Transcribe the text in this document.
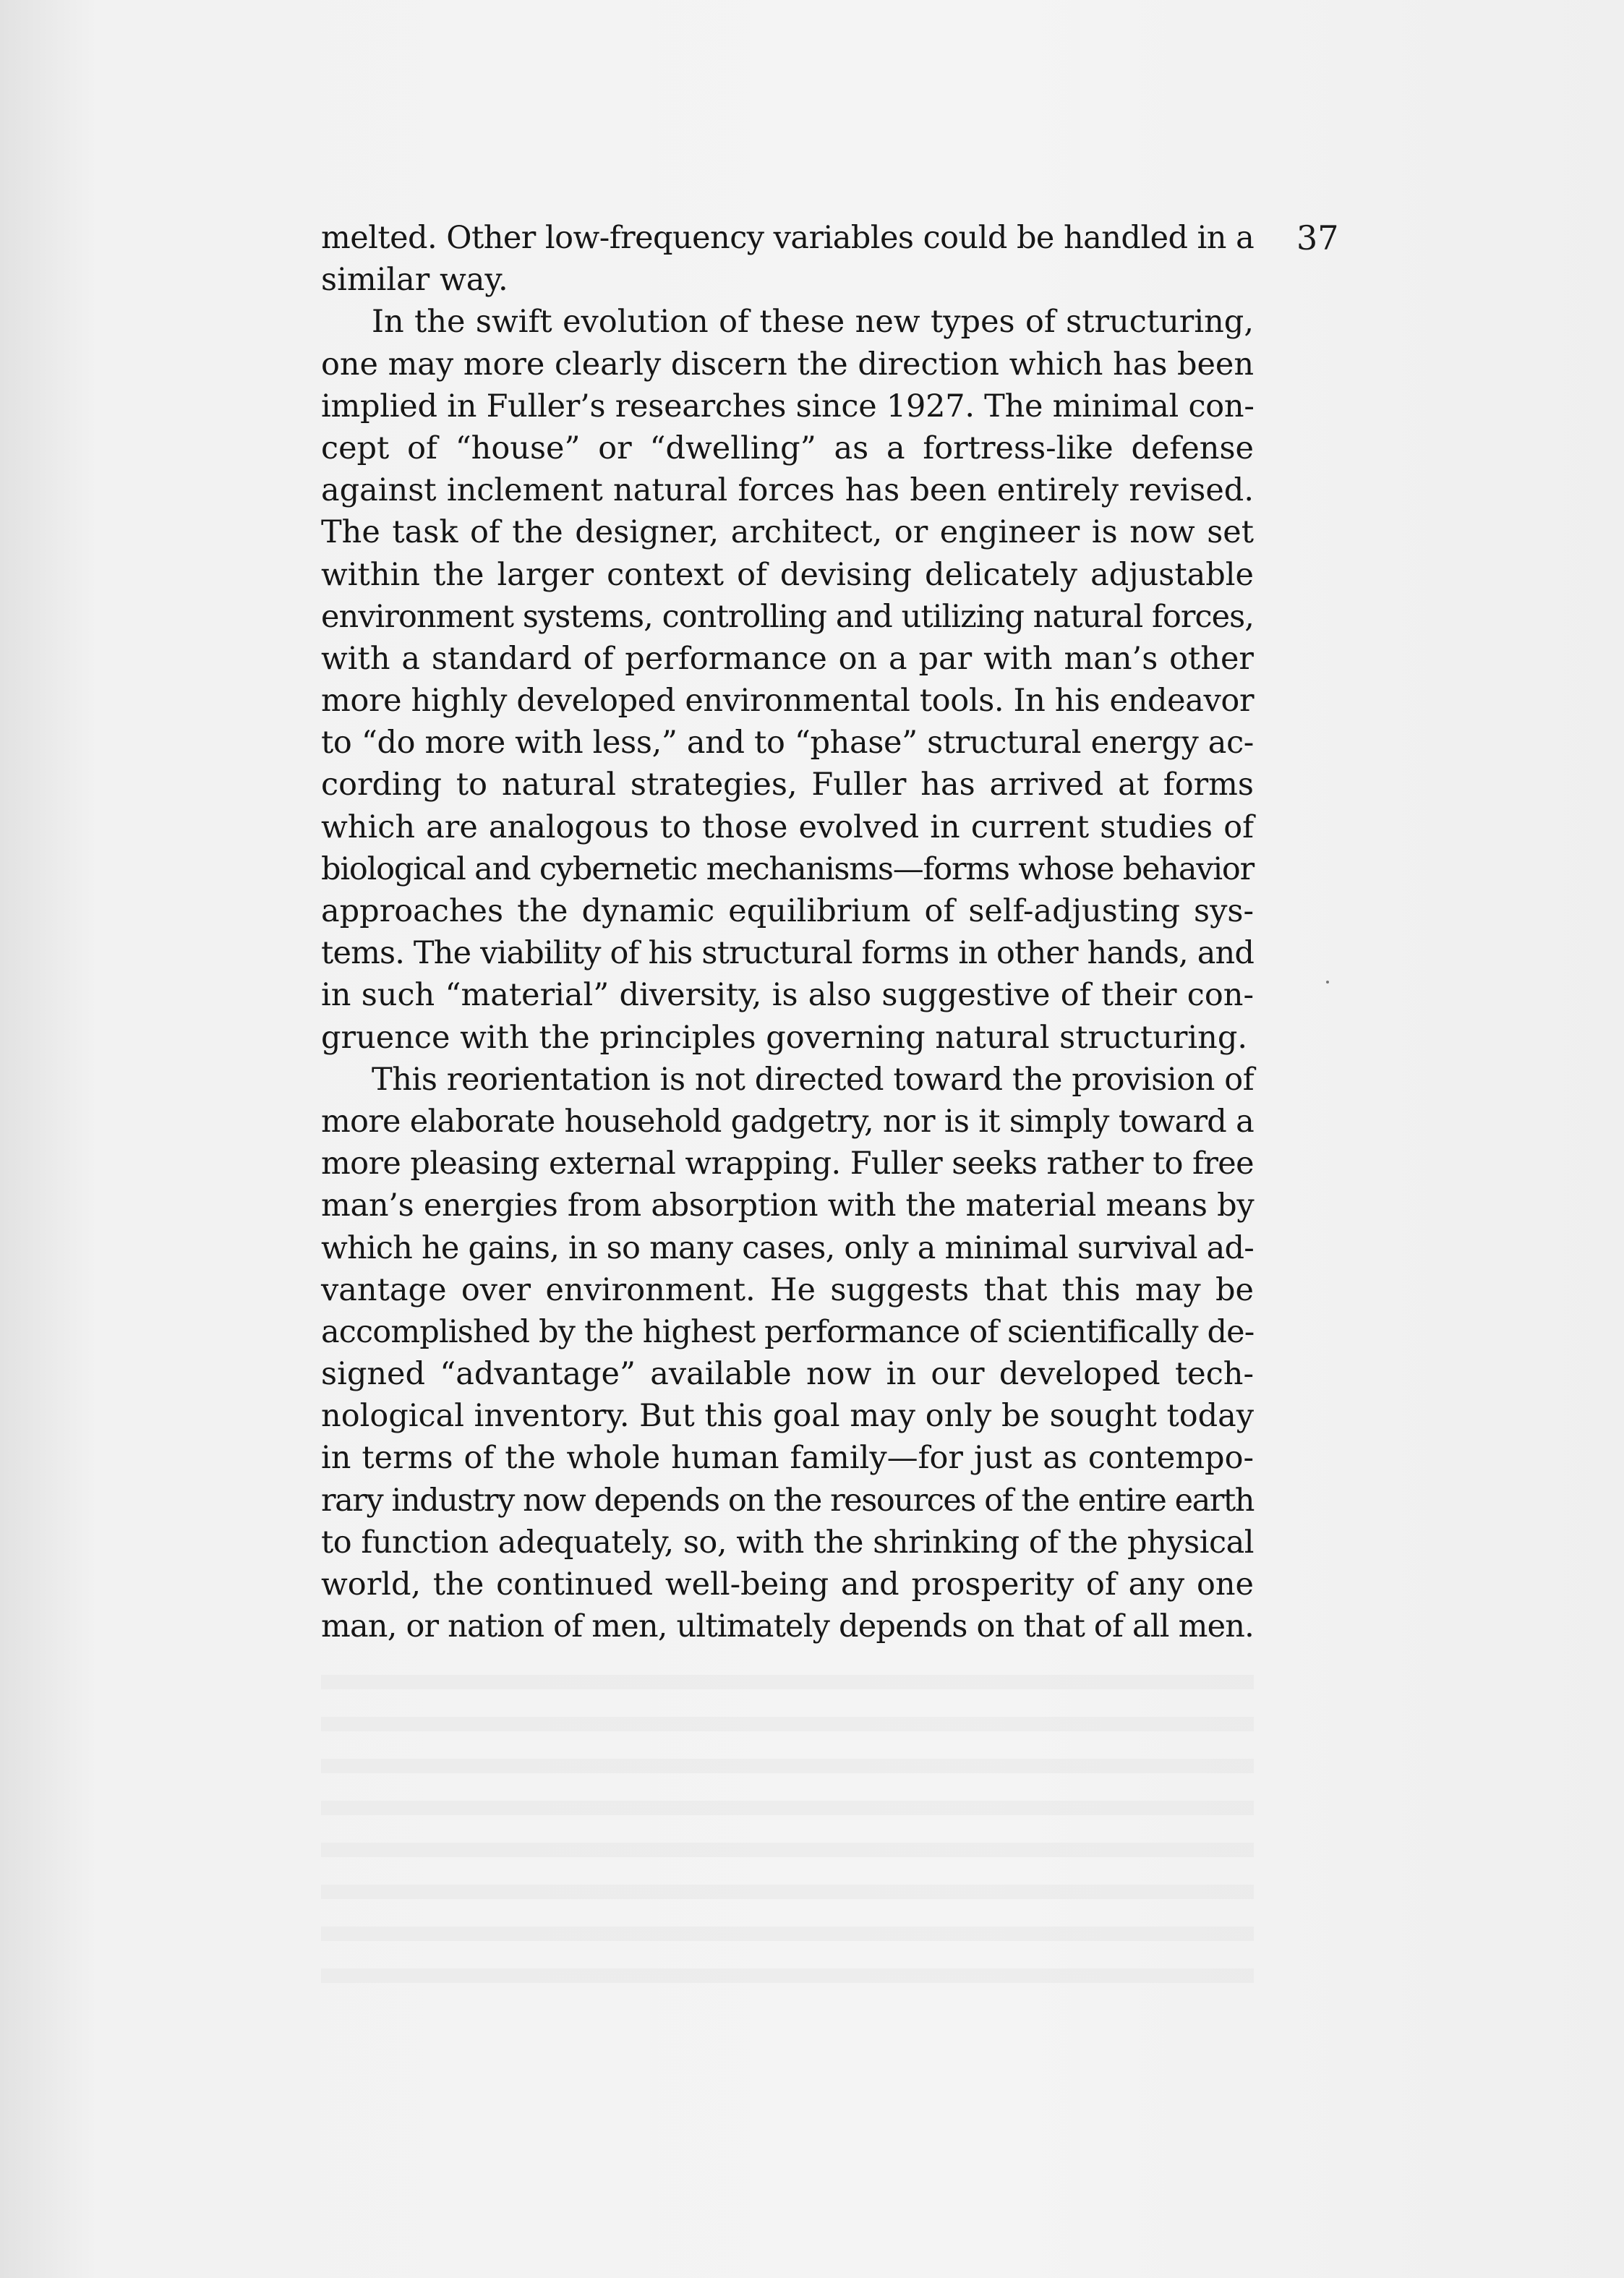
37
melted. Other low-frequency variables could be handled in a
similar way.
In the swift evolution of these new types of structuring,
one may more clearly discern the direction which has been
implied in Fuller’s researches since 1927. The minimal con-
cept of “house” or “dwelling” as a fortress-like defense
against inclement natural forces has been entirely revised.
The task of the designer, architect, or engineer is now set
within the larger context of devising delicately adjustable
environment systems, controlling and utilizing natural forces,
with a standard of performance on a par with man’s other
more highly developed environmental tools. In his endeavor
to “do more with less,” and to “phase” structural energy ac-
cording to natural strategies, Fuller has arrived at forms
which are analogous to those evolved in current studies of
biological and cybernetic mechanisms—forms whose behavior
approaches the dynamic equilibrium of self-adjusting sys-
tems. The viability of his structural forms in other hands, and
in such “material” diversity, is also suggestive of their con-
gruence with the principles governing natural structuring.
This reorientation is not directed toward the provision of
more elaborate household gadgetry, nor is it simply toward a
more pleasing external wrapping. Fuller seeks rather to free
man’s energies from absorption with the material means by
which he gains, in so many cases, only a minimal survival ad-
vantage over environment. He suggests that this may be
accomplished by the highest performance of scientifically de-
signed “advantage” available now in our developed tech-
nological inventory. But this goal may only be sought today
in terms of the whole human family—for just as contempo-
rary industry now depends on the resources of the entire earth
to function adequately, so, with the shrinking of the physical
world, the continued well-being and prosperity of any one
man, or nation of men, ultimately depends on that of all men.
